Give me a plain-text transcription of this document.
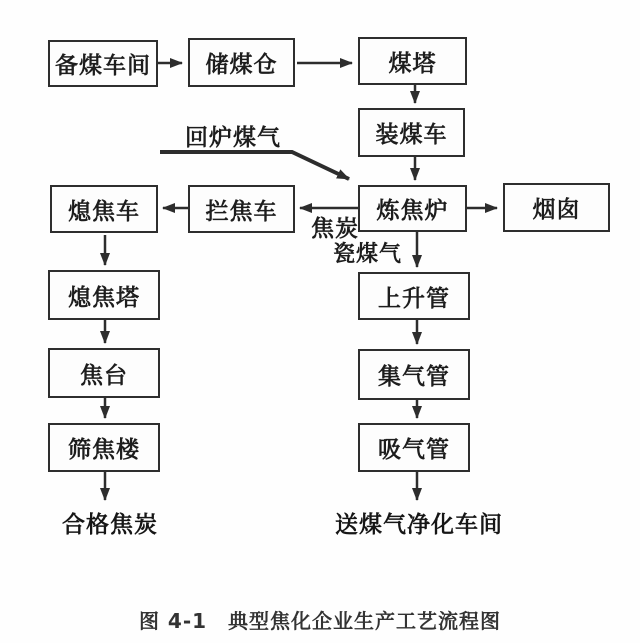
备煤车间 储煤仓	煤塔
装煤车
熄焦车	拦焦车	炼焦炉	烟囱
熄焦塔
焦台
筛焦楼
上升管
集气管
吸气管
回炉煤气
焦炭
瓷煤气
合格焦炭	送煤气净化车间
图 4-1　典型焦化企业生产工艺流程图
